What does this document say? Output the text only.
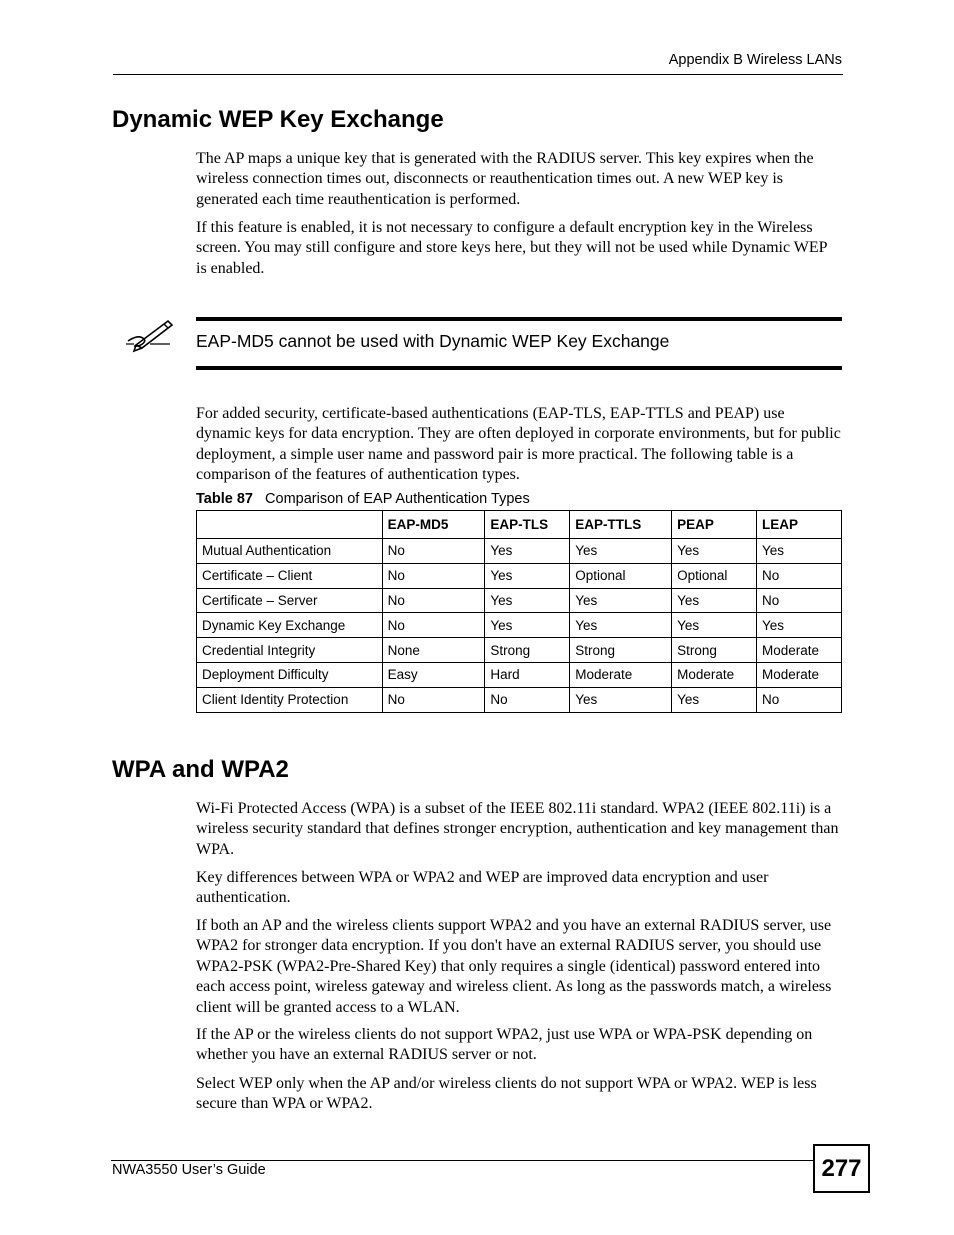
Appendix B Wireless LANs
Dynamic WEP Key Exchange

The AP maps a unique key that is generated with the RADIUS server. This key expires when the wireless connection times out, disconnects or reauthentication times out. A new WEP key is generated each time reauthentication is performed.

If this feature is enabled, it is not necessary to configure a default encryption key in the Wireless screen. You may still configure and store keys here, but they will not be used while Dynamic WEP is enabled.

EAP-MD5 cannot be used with Dynamic WEP Key Exchange

For added security, certificate-based authentications (EAP-TLS, EAP-TTLS and PEAP) use dynamic keys for data encryption. They are often deployed in corporate environments, but for public deployment, a simple user name and password pair is more practical. The following table is a comparison of the features of authentication types.

Table 87 Comparison of EAP Authentication Types
	EAP-MD5	EAP-TLS	EAP-TTLS	PEAP	LEAP
Mutual Authentication	No	Yes	Yes	Yes	Yes
Certificate – Client	No	Yes	Optional	Optional	No
Certificate – Server	No	Yes	Yes	Yes	No
Dynamic Key Exchange	No	Yes	Yes	Yes	Yes
Credential Integrity	None	Strong	Strong	Strong	Moderate
Deployment Difficulty	Easy	Hard	Moderate	Moderate	Moderate
Client Identity Protection	No	No	Yes	Yes	No
WPA and WPA2

Wi-Fi Protected Access (WPA) is a subset of the IEEE 802.11i standard. WPA2 (IEEE 802.11i) is a wireless security standard that defines stronger encryption, authentication and key management than WPA.

Key differences between WPA or WPA2 and WEP are improved data encryption and user authentication.

If both an AP and the wireless clients support WPA2 and you have an external RADIUS server, use WPA2 for stronger data encryption. If you don't have an external RADIUS server, you should use WPA2-PSK (WPA2-Pre-Shared Key) that only requires a single (identical) password entered into each access point, wireless gateway and wireless client. As long as the passwords match, a wireless client will be granted access to a WLAN.

If the AP or the wireless clients do not support WPA2, just use WPA or WPA-PSK depending on whether you have an external RADIUS server or not.

Select WEP only when the AP and/or wireless clients do not support WPA or WPA2. WEP is less secure than WPA or WPA2.

NWA3550 User’s Guide	277
